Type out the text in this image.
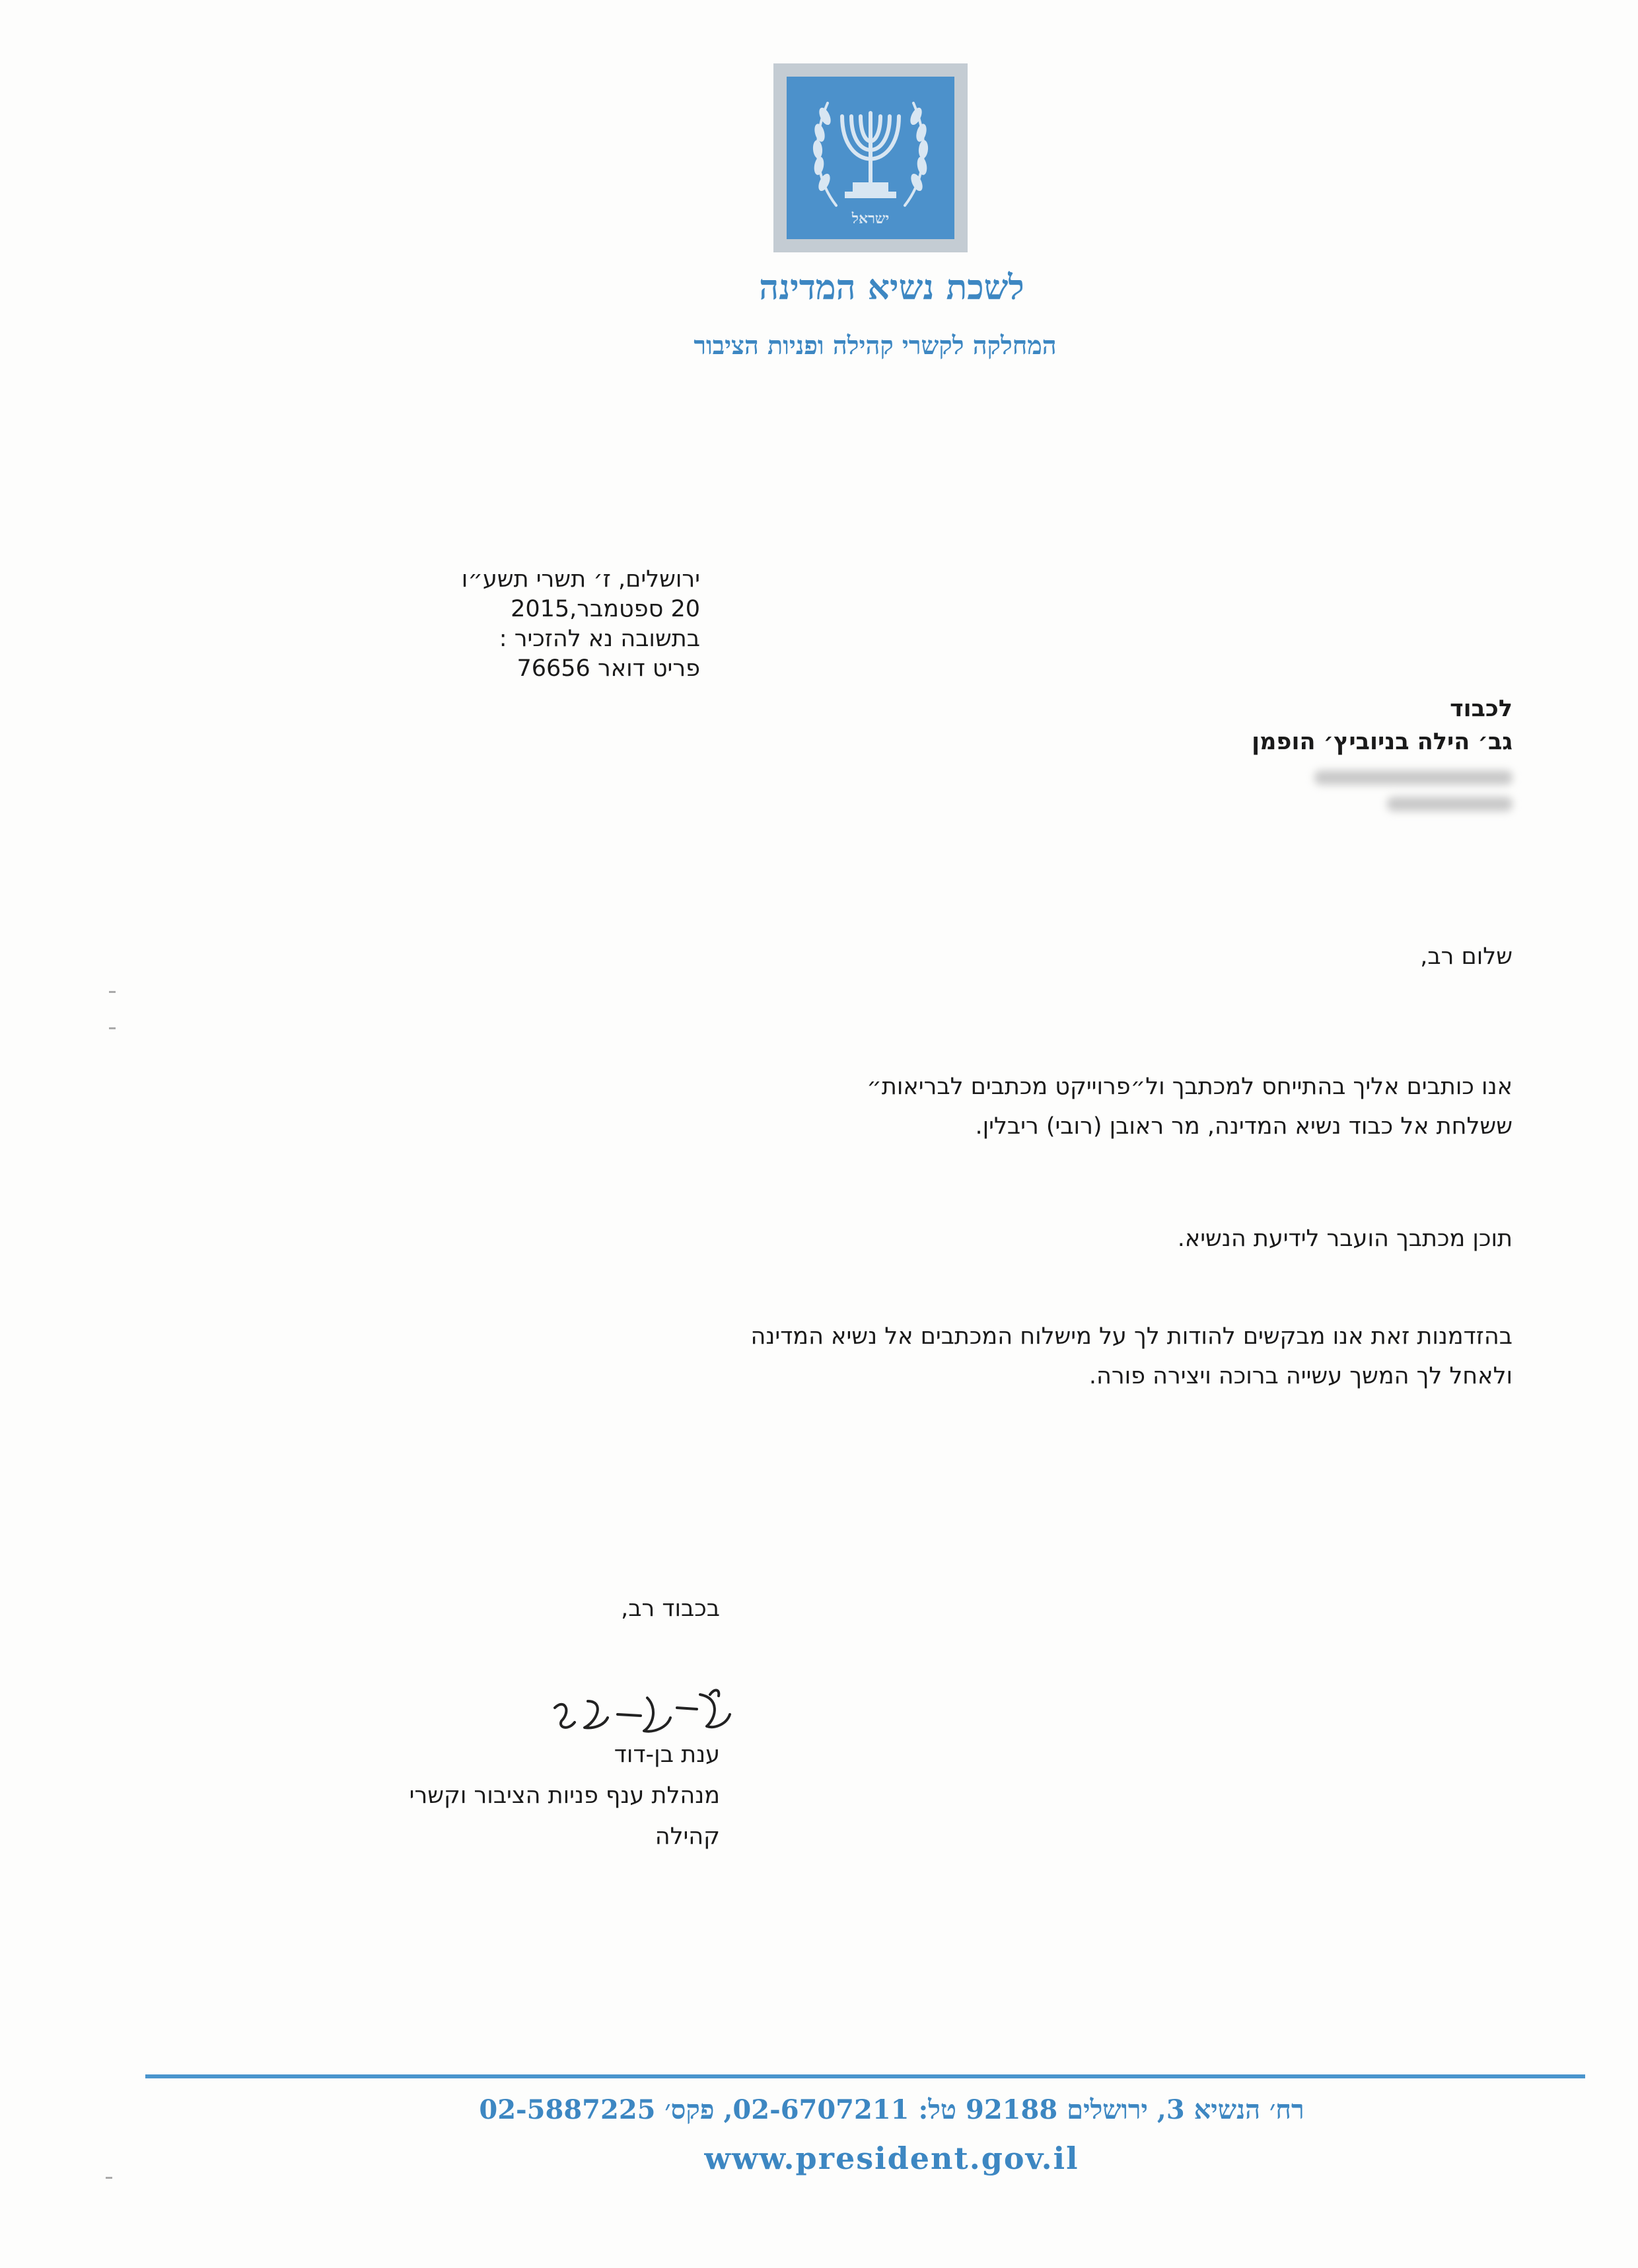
ישראל
לשכת נשיא המדינה
המחלקה לקשרי קהילה ופניות הציבור
ירושלים, ז׳ תשרי תשע״ו
20 ספטמבר,2015
בתשובה נא להזכיר :
פריט דואר 76656
לכבוד
גב׳ הילה בניוביץ׳ הופמן
שלום רב,
אנו כותבים אליך בהתייחס למכתבך ול״פרוייקט מכתבים לבריאות״
ששלחת אל כבוד נשיא המדינה, מר ראובן (רובי) ריבלין.
תוכן מכתבך הועבר לידיעת הנשיא.
בהזדמנות זאת אנו מבקשים להודות לך על מישלוח המכתבים אל נשיא המדינה
ולאחל לך המשך עשייה ברוכה ויצירה פורה.
בכבוד רב,
ענת בן-דוד
מנהלת ענף פניות הציבור וקשרי
קהילה
רח׳ הנשיא 3, ירושלים 92188 טל: 02-6707211, פקס׳ 02-5887225
www.president.gov.il
